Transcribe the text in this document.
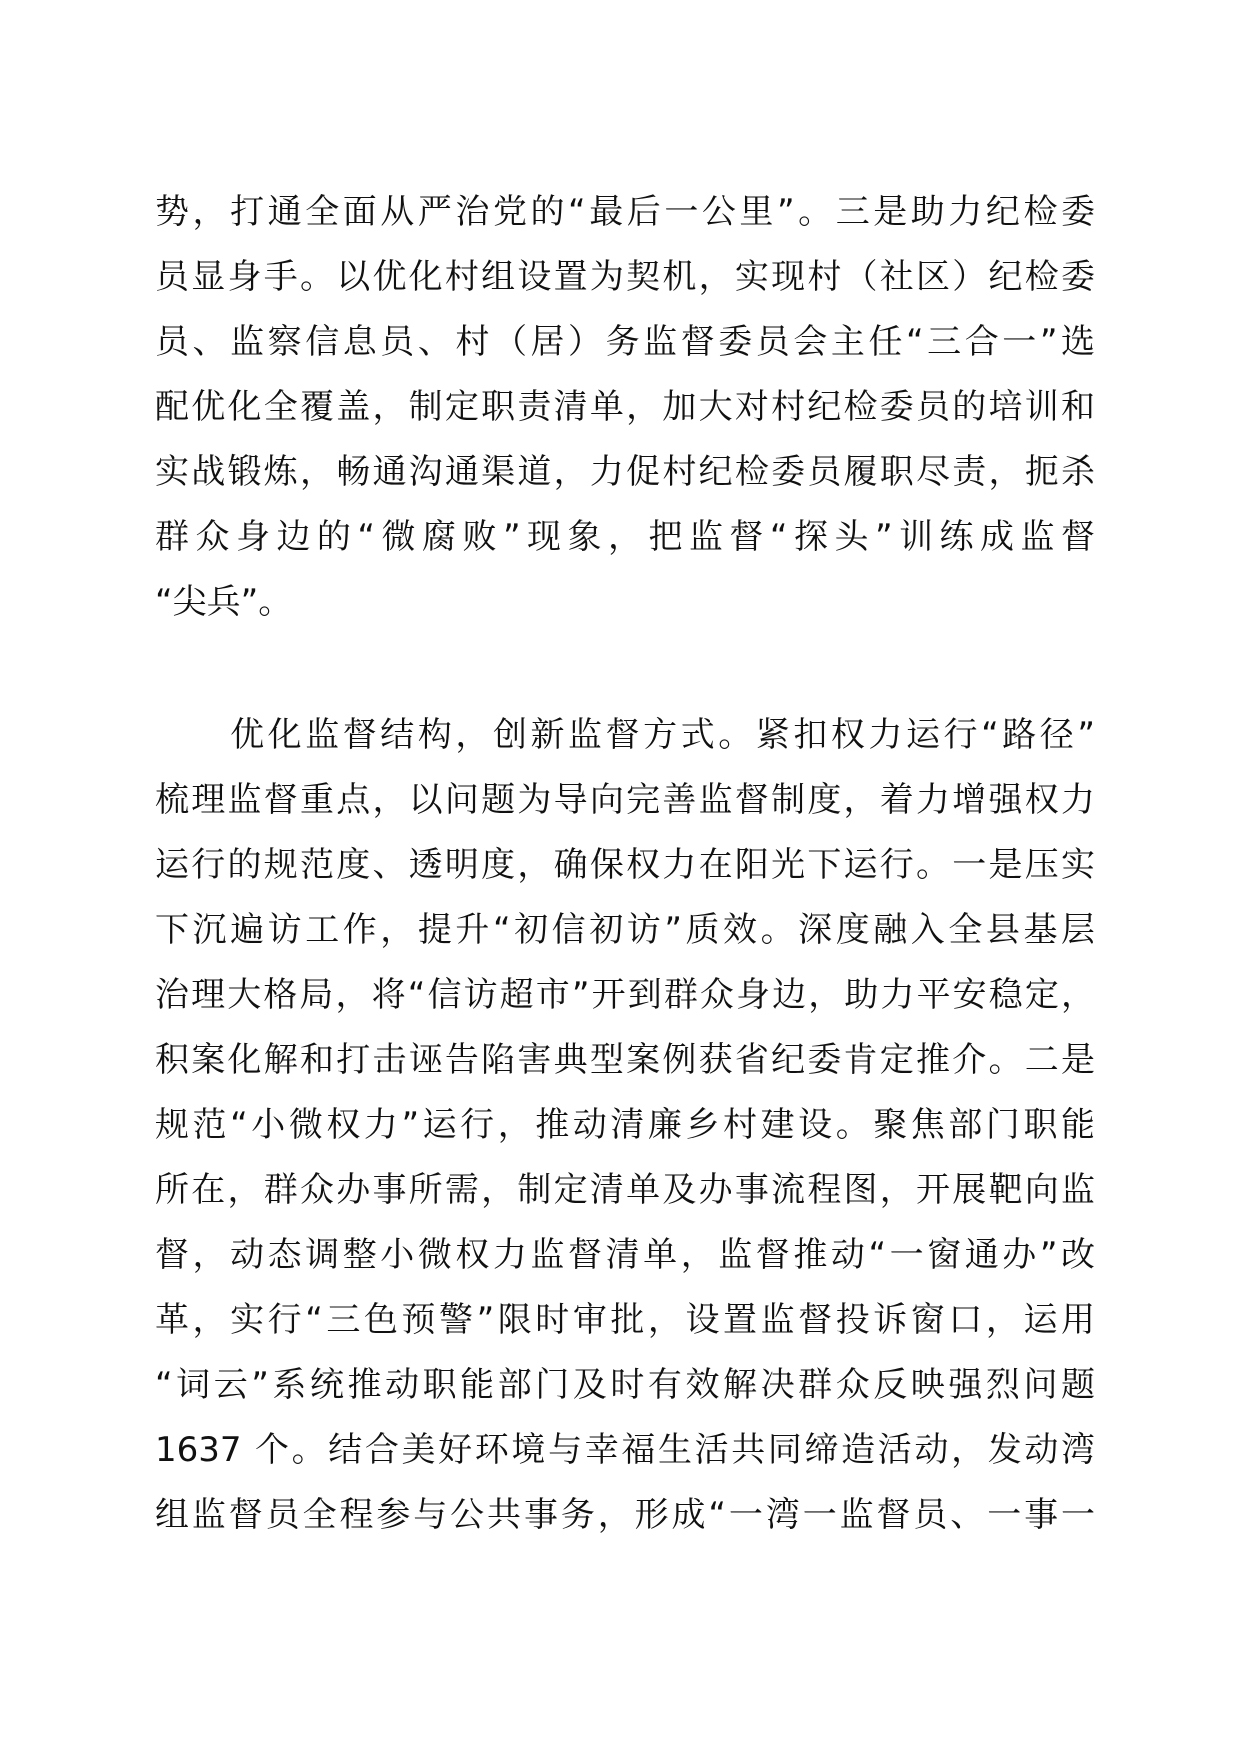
势，打通全面从严治党的“最后一公里”。三是助力纪检委
员显身手。以优化村组设置为契机，实现村（社区）纪检委
员、监察信息员、村（居）务监督委员会主任“三合一”选
配优化全覆盖，制定职责清单，加大对村纪检委员的培训和
实战锻炼，畅通沟通渠道，力促村纪检委员履职尽责，扼杀
群众身边的“微腐败”现象，把监督“探头”训练成监督
“尖兵”。
　　优化监督结构，创新监督方式。紧扣权力运行“路径”
梳理监督重点，以问题为导向完善监督制度，着力增强权力
运行的规范度、透明度，确保权力在阳光下运行。一是压实
下沉遍访工作，提升“初信初访”质效。深度融入全县基层
治理大格局，将“信访超市”开到群众身边，助力平安稳定，
积案化解和打击诬告陷害典型案例获省纪委肯定推介。二是
规范“小微权力”运行，推动清廉乡村建设。聚焦部门职能
所在，群众办事所需，制定清单及办事流程图，开展靶向监
督，动态调整小微权力监督清单，监督推动“一窗通办”改
革，实行“三色预警”限时审批，设置监督投诉窗口，运用
“词云”系统推动职能部门及时有效解决群众反映强烈问题
1637 个。结合美好环境与幸福生活共同缔造活动，发动湾
组监督员全程参与公共事务，形成“一湾一监督员、一事一
